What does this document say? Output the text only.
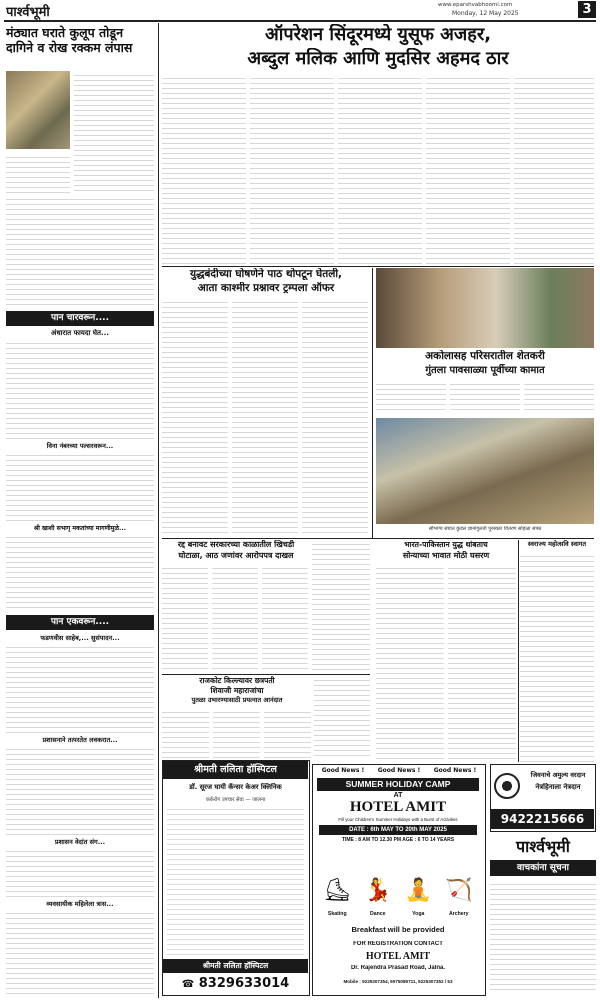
पार्श्वभूमी	www.eparshvabhoomi.com
Monday, 12 May 2025	3
मंठ्यात घराते कुलूप तोडून दागिने व रोख रक्कम लंपास
पान चारवरून....
अंधारात फायदा घेत...
विना नंबरच्या पल्सरवरून...
श्री खाशी सभागृ मकतांच्या मागणीमुळे...
पान एकवरून....
फडणवीस साहेब,... सुसंपादन...
प्रशासनाने तत्परतेत लवकरात...
प्रशासन वेदांत संग...
व्यवसायीक महिलेला त्रास...
ऑपरेशन सिंदूरमध्ये युसूफ अजहर,
अब्दुल मलिक आणि मुदसिर अहमद ठार
युद्धबंदीच्या घोषणेने पाठ थोपटून घेतली,
आता काश्मीर प्रश्नावर ट्रम्पला ऑफर
अकोलासह परिसरातील शेतकरी
गुंतला पावसाळ्या पूर्वीच्या कामात
सौभाग्य संघात कुंडल ज्ञानांगुलती पुरस्कार वितरण सोहळा संपन्न
रद्द बनावट सरकारच्या काळातील खिचडी
घोटाळा, आठ जणांवर आरोपपत्र दाखल
राजकोट किल्ल्यावर छत्रपती
शिवाजी महाराजांचा
पुतळा उभारण्यासाठी प्रयत्नात आनंदात
भारत-पाकिस्तान युद्ध थांबताच
सोन्याच्या भावात मोठी घसरण
स्वराज्य महोत्सवि स्वागत
श्रीमती ललिता हॉस्पिटल
डॉ. सूरज घायी कॅन्सर केअर क्लिनिक
कर्करोग उपचार सेवा — जालना
श्रीमती ललिता हॉस्पिटल
☎ 8329633014
Good News ! Good News ! Good News !
SUMMER HOLIDAY CAMP
AT
HOTEL AMIT
Fill your Children's Summer Holidays with a Burst of Activities
DATE : 6th MAY TO 20th MAY 2025
TIME : 8 AM TO 12.30 PM AGE : 6 TO 14 YEARS
⛸
Skating
💃
Dance
🧘
Yoga
🏹
Archery
Breakfast will be provided
FOR REGISTRATION CONTACT
HOTEL AMIT
Dr. Rajendra Prasad Road, Jalna.
Mobile : 9225307354, 9075089711, 9225307352 / 53
जिवनाचे अमुल्य वरदान
नेत्रहिनाला नेत्रदान
9422215666
पार्श्वभूमी
वाचकांना सूचना
